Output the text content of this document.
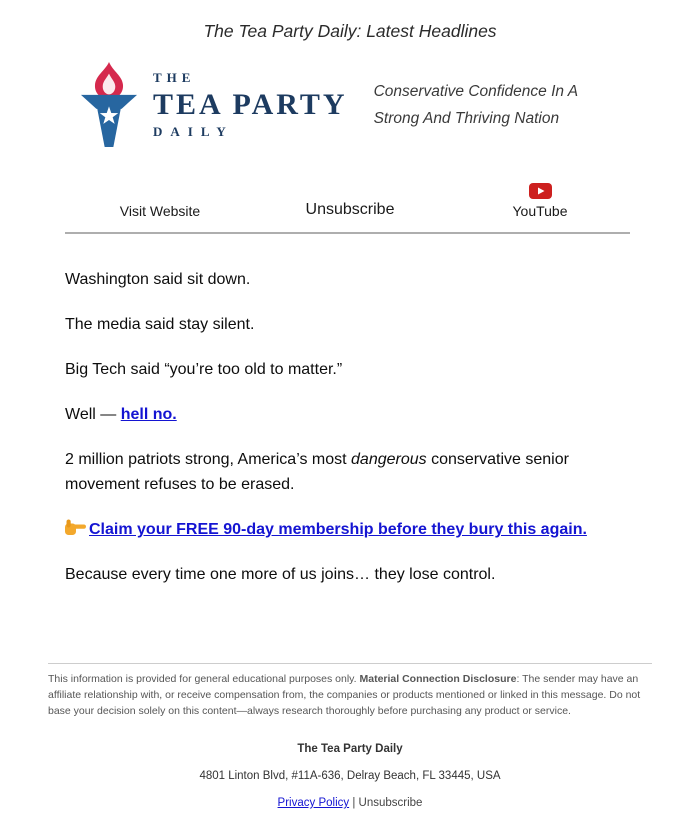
The Tea Party Daily: Latest Headlines
THE
TEA PARTY
DAILY
Conservative Confidence In A
Strong And Thriving Nation
Visit Website	Unsubscribe	YouTube

Washington said sit down.

The media said stay silent.

Big Tech said “you’re too old to matter.”

Well — hell no.

2 million patriots strong, America’s most dangerous conservative senior movement refuses to be erased.

Claim your FREE 90-day membership before they bury this again.

Because every time one more of us joins… they lose control.

This information is provided for general educational purposes only. Material Connection Disclosure: The sender may have an affiliate relationship with, or receive compensation from, the companies or products mentioned or linked in this message. Do not base your decision solely on this content—always research thoroughly before purchasing any product or service.
The Tea Party Daily
4801 Linton Blvd, #11A-636, Delray Beach, FL 33445, USA
Privacy Policy | Unsubscribe
